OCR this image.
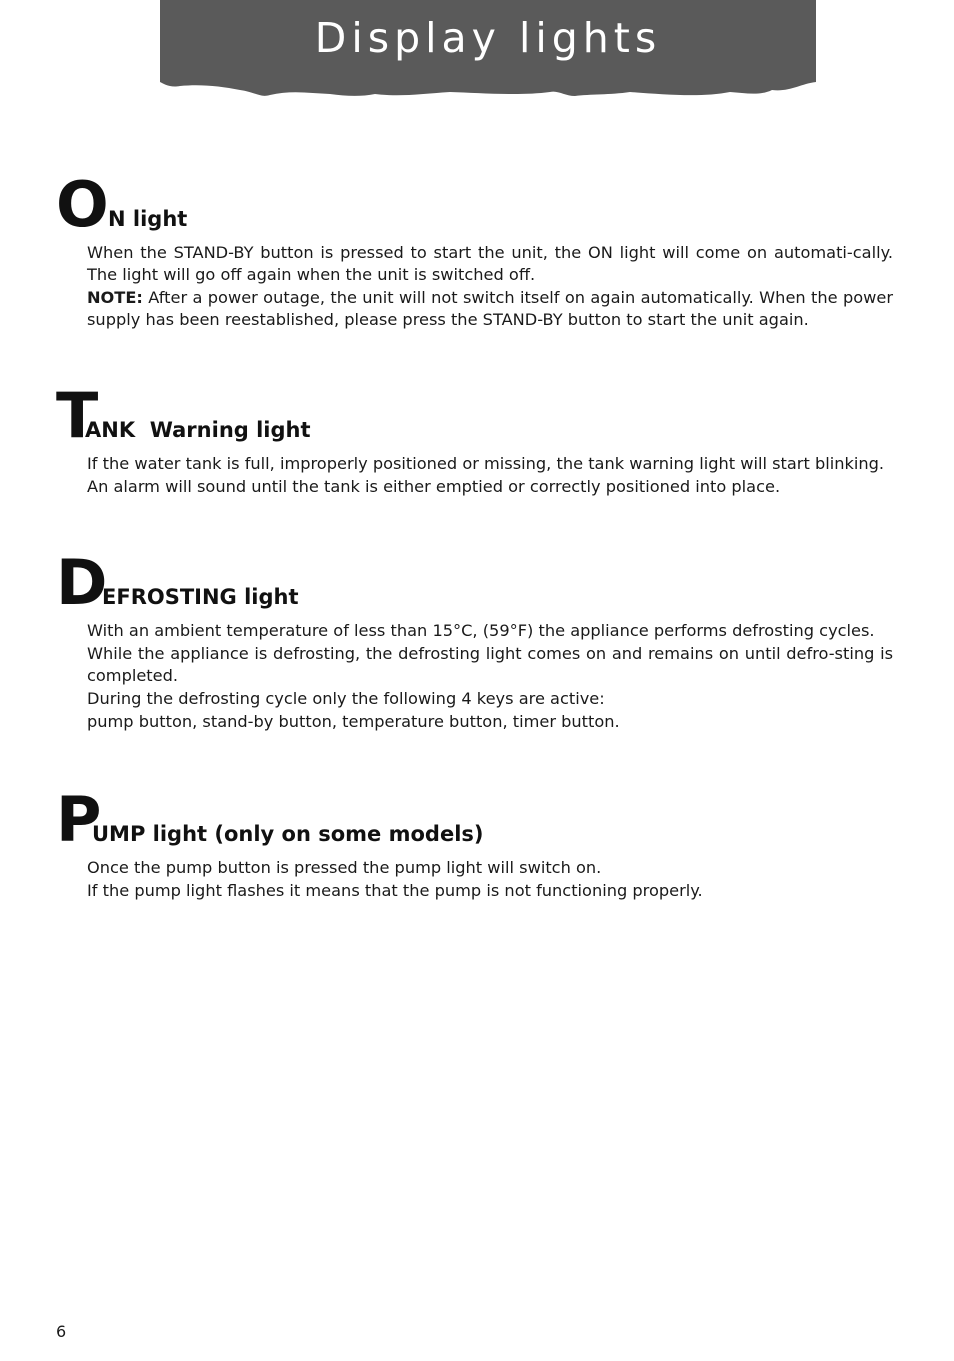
Display lights
O N light

When the STAND-BY button is pressed to start the unit, the ON light will come on automati-cally. The light will go off again when the unit is switched off.

NOTE: After a power outage, the unit will not switch itself on again automatically. When the power supply has been reestablished, please press the STAND-BY button to start the unit again.

T
ANK  Warning light

If the water tank is full, improperly positioned or missing, the tank warning light will start blinking.

An alarm will sound until the tank is either emptied or correctly positioned into place.

D
EFROSTING light

With an ambient temperature of less than 15°C, (59°F) the appliance performs defrosting cycles.

While the appliance is defrosting, the defrosting light comes on and remains on until defro-sting is completed.

During the defrosting cycle only the following 4 keys are active:

pump button, stand-by button, temperature button, timer button.

P
UMP light (only on some models)

Once the pump button is pressed the pump light will switch on.

If the pump light flashes it means that the pump is not functioning properly.

6
